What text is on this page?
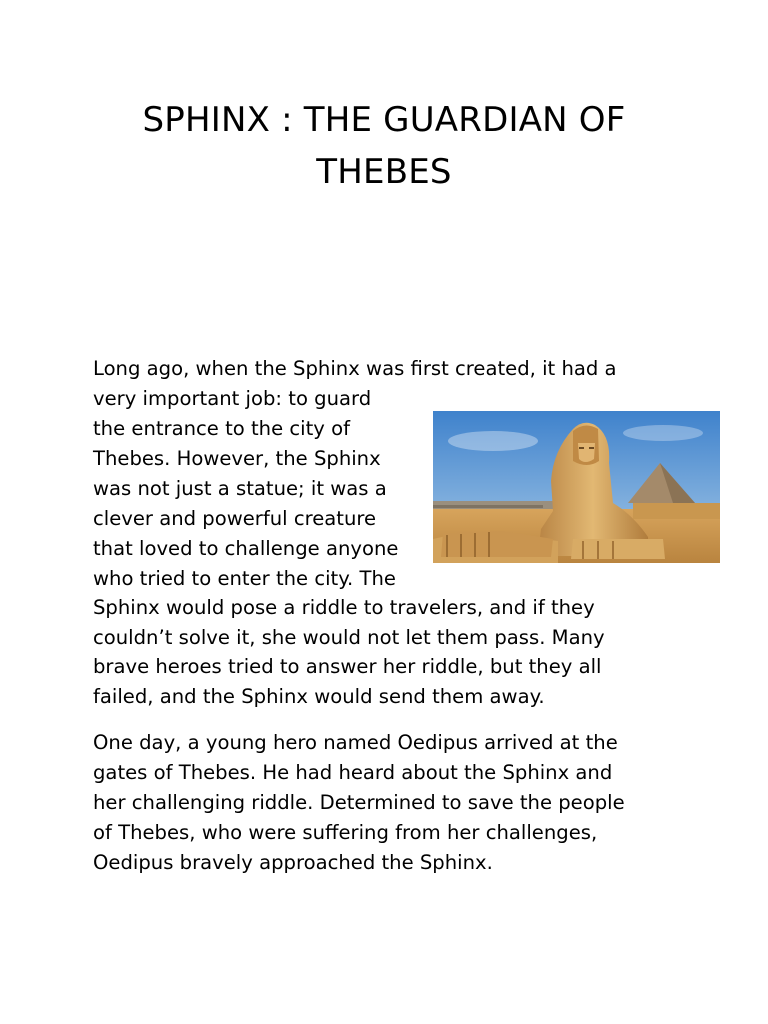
SPHINX : THE GUARDIAN OF
THEBES

Long ago, when the Sphinx was first created, it had a

very important job: to guard

the entrance to the city of

Thebes. However, the Sphinx

was not just a statue; it was a

clever and powerful creature

that loved to challenge anyone

who tried to enter the city. The

Sphinx would pose a riddle to travelers, and if they

couldn’t solve it, she would not let them pass. Many

brave heroes tried to answer her riddle, but they all

failed, and the Sphinx would send them away.

One day, a young hero named Oedipus arrived at the

gates of Thebes. He had heard about the Sphinx and

her challenging riddle. Determined to save the people

of Thebes, who were suffering from her challenges,

Oedipus bravely approached the Sphinx.
